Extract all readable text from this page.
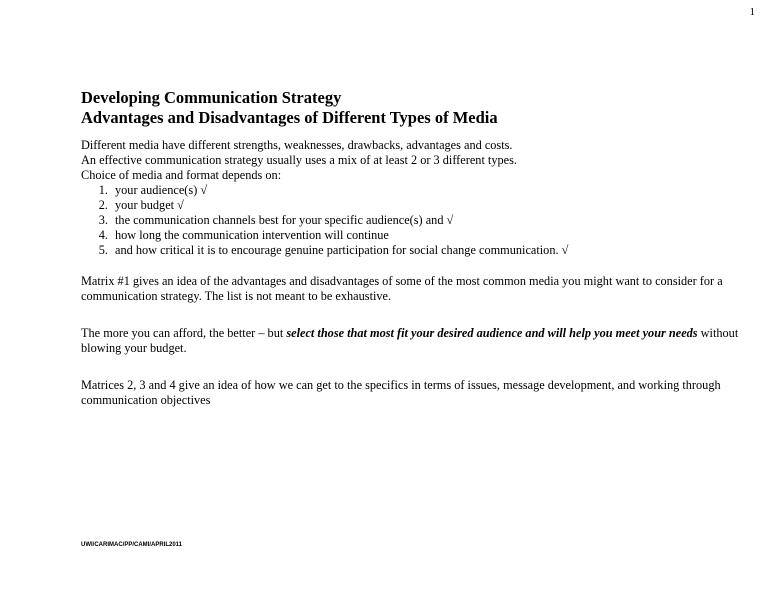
1
Developing Communication Strategy
Advantages and Disadvantages of Different Types of Media

Different media have different strengths, weaknesses, drawbacks, advantages and costs.

An effective communication strategy usually uses a mix of at least 2 or 3 different types.

Choice of media and format depends on:

1. your audience(s) √
2. your budget √
3. the communication channels best for your specific audience(s) and √
4. how long the communication intervention will continue
5. and how critical it is to encourage genuine participation for social change communication. √

Matrix #1 gives an idea of the advantages and disadvantages of some of the most common media you might want to consider for a communication strategy. The list is not meant to be exhaustive.

The more you can afford, the better – but select those that most fit your desired audience and will help you meet your needs without blowing your budget.

Matrices 2, 3 and 4 give an idea of how we can get to the specifics in terms of issues, message development, and working through communication objectives

UWI/CARIMAC/PP/CAMI/APRIL2011
